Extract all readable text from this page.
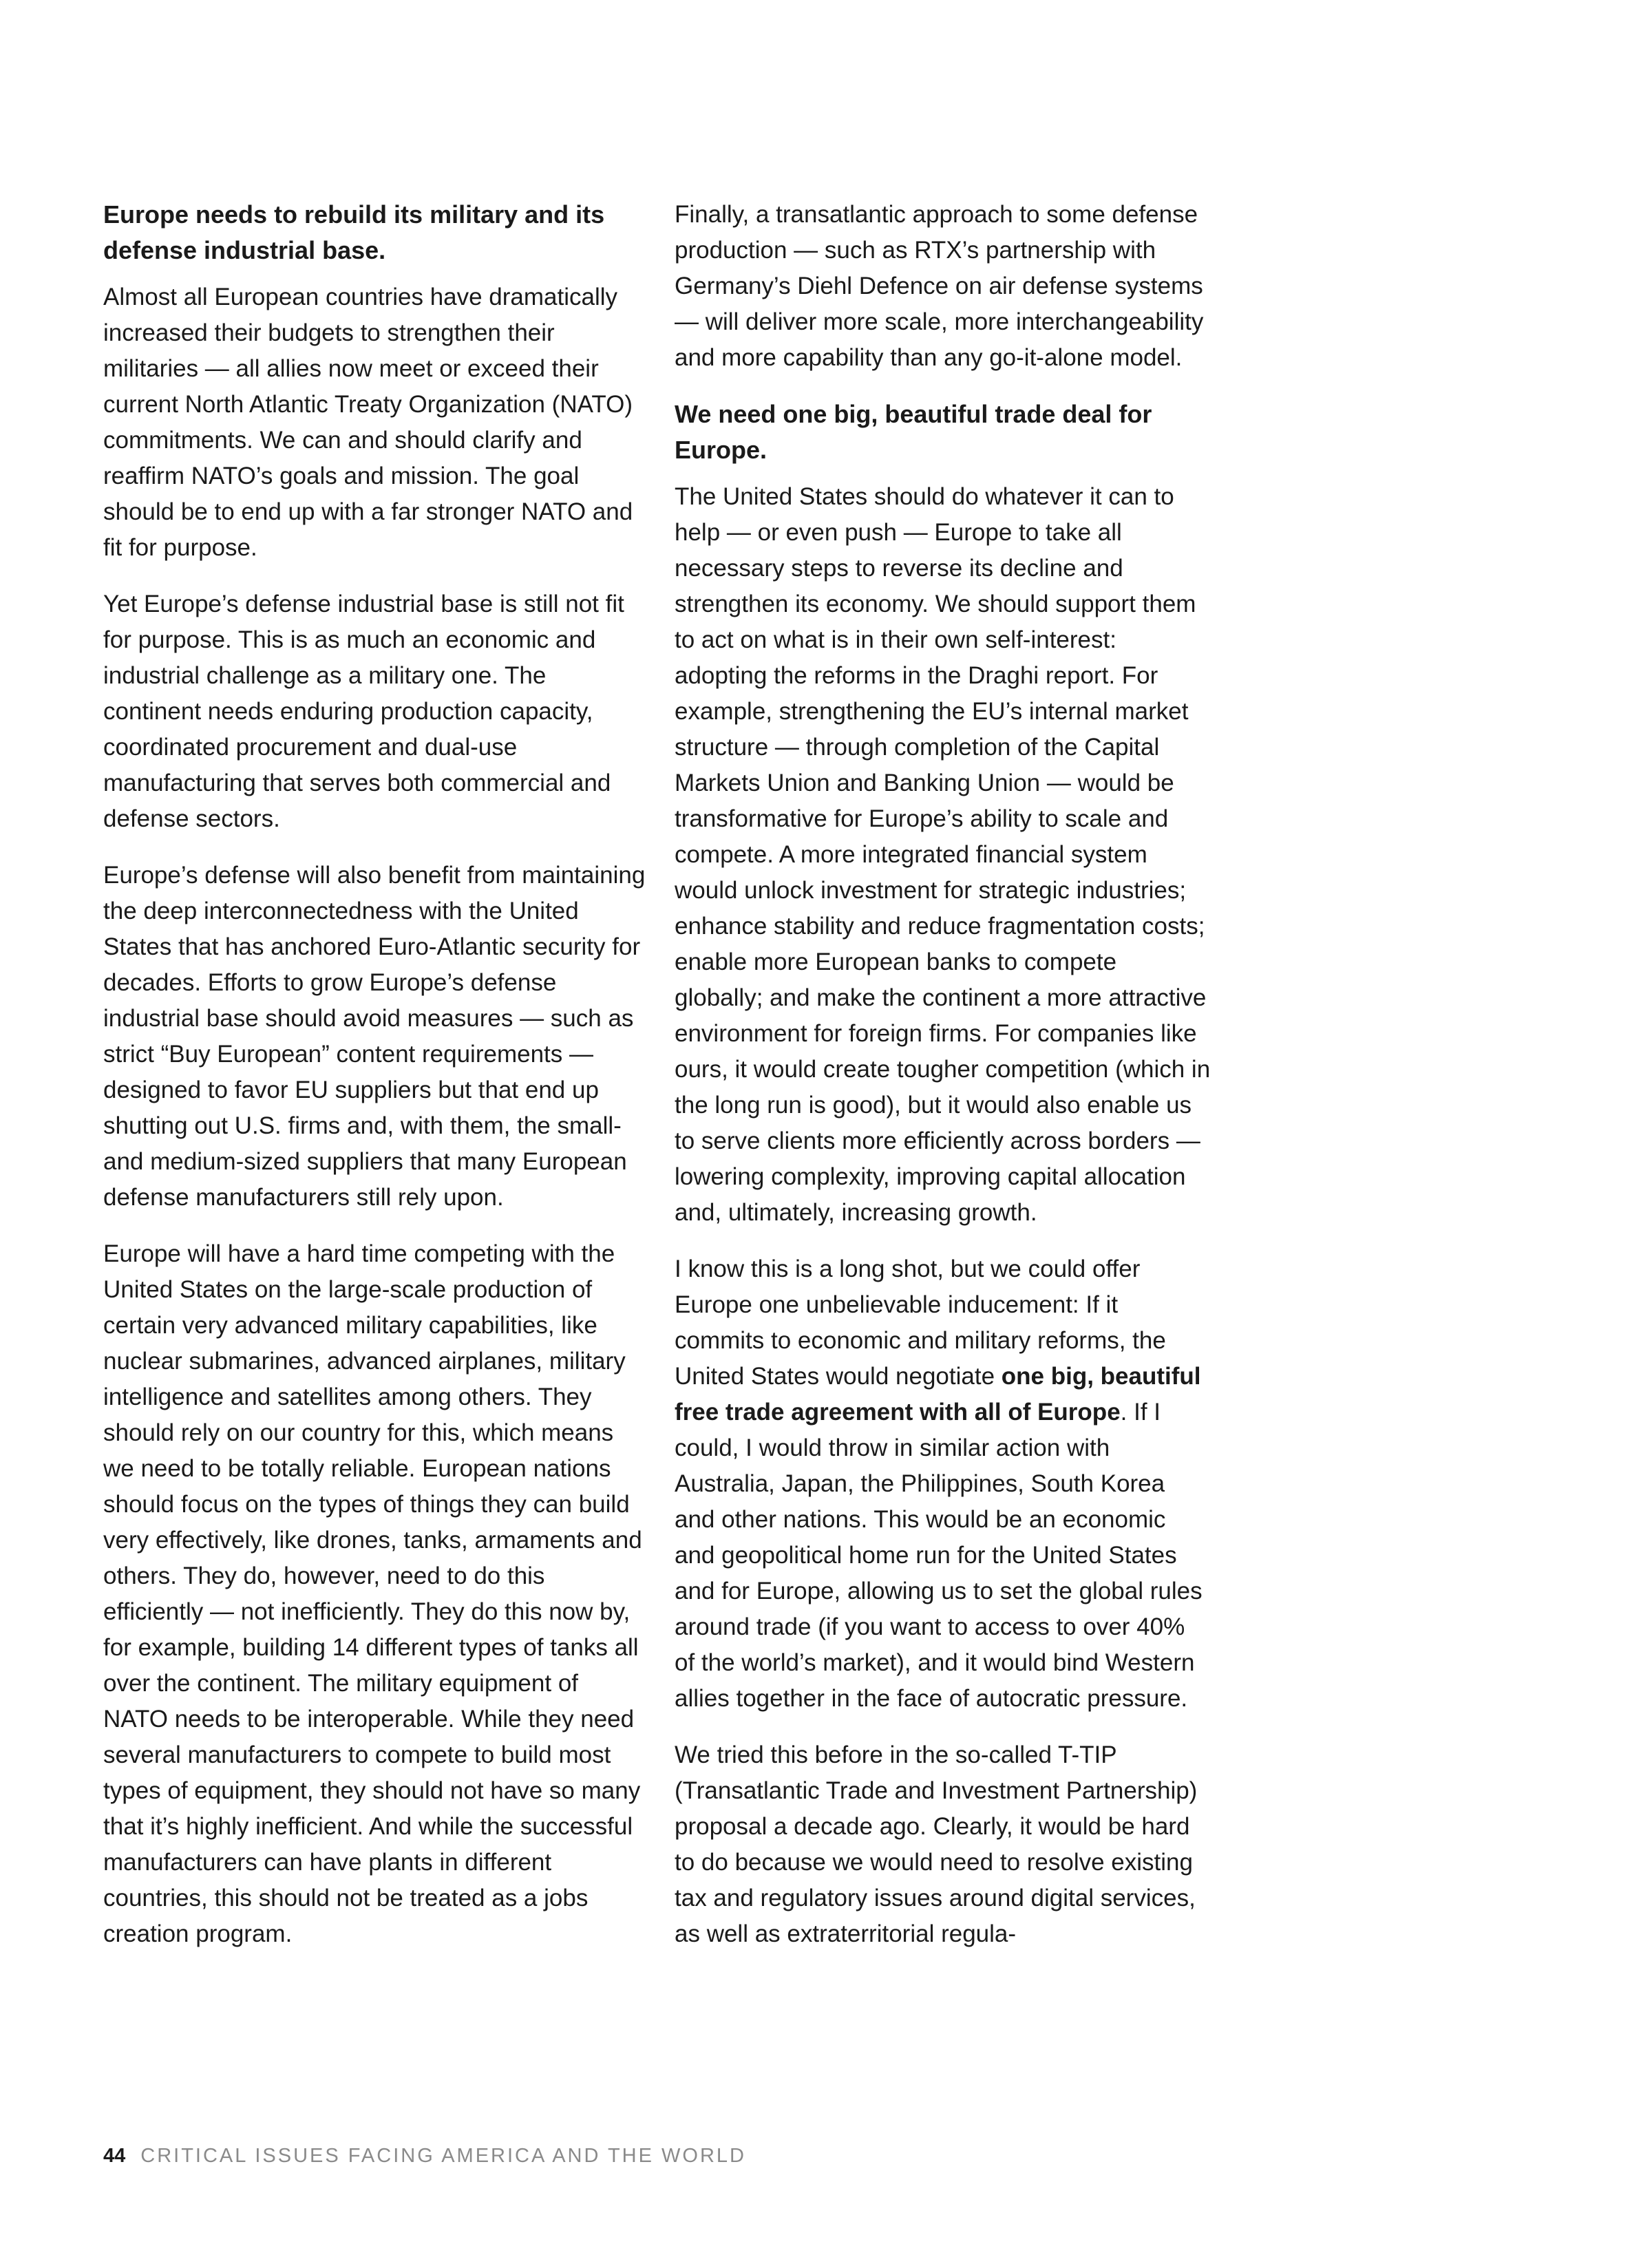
Europe needs to rebuild its military and its defense industrial base.

Almost all European countries have dramatically increased their budgets to strengthen their militaries — all allies now meet or exceed their current North Atlantic Treaty Organization (NATO) commitments. We can and should clarify and reaffirm NATO’s goals and mission. The goal should be to end up with a far stronger NATO and fit for purpose.

Yet Europe’s defense industrial base is still not fit for purpose. This is as much an economic and industrial challenge as a military one. The continent needs enduring production capacity, coordinated procurement and dual-use manufacturing that serves both commercial and defense sectors.

Europe’s defense will also benefit from maintaining the deep interconnectedness with the United States that has anchored Euro-Atlantic security for decades. Efforts to grow Europe’s defense industrial base should avoid measures — such as strict “Buy European” content requirements — designed to favor EU suppliers but that end up shutting out U.S. firms and, with them, the small- and medium-sized suppliers that many European defense manufacturers still rely upon.

Europe will have a hard time competing with the United States on the large-scale production of certain very advanced military capabilities, like nuclear submarines, advanced airplanes, military intelligence and satellites among others. They should rely on our country for this, which means we need to be totally reliable. European nations should focus on the types of things they can build very effectively, like drones, tanks, armaments and others. They do, however, need to do this efficiently — not inefficiently. They do this now by, for example, building 14 different types of tanks all over the continent. The military equipment of NATO needs to be interoperable. While they need several manufacturers to compete to build most types of equipment, they should not have so many that it’s highly inefficient. And while the successful manufacturers can have plants in different countries, this should not be treated as a jobs creation program.

Finally, a transatlantic approach to some defense production — such as RTX’s partnership with Germany’s Diehl Defence on air defense systems — will deliver more scale, more interchangeability and more capability than any go-it-alone model.

We need one big, beautiful trade deal for Europe.

The United States should do whatever it can to help — or even push — Europe to take all necessary steps to reverse its decline and strengthen its economy. We should support them to act on what is in their own self-interest: adopting the reforms in the Draghi report. For example, strengthening the EU’s internal market structure — through completion of the Capital Markets Union and Banking Union — would be transformative for Europe’s ability to scale and compete. A more integrated financial system would unlock investment for strategic industries; enhance stability and reduce fragmentation costs; enable more European banks to compete globally; and make the continent a more attractive environment for foreign firms. For companies like ours, it would create tougher competition (which in the long run is good), but it would also enable us to serve clients more efficiently across borders — lowering complexity, improving capital allocation and, ultimately, increasing growth.

I know this is a long shot, but we could offer Europe one unbelievable inducement: If it commits to economic and military reforms, the United States would negotiate one big, beautiful free trade agreement with all of Europe. If I could, I would throw in similar action with Australia, Japan, the Philippines, South Korea and other nations. This would be an economic and geopolitical home run for the United States and for Europe, allowing us to set the global rules around trade (if you want to access to over 40% of the world’s market), and it would bind Western allies together in the face of autocratic pressure.

We tried this before in the so-called T-TIP (Transatlantic Trade and Investment Partnership) proposal a decade ago. Clearly, it would be hard to do because we would need to resolve existing tax and regulatory issues around digital services, as well as extraterritorial regula-

44 CRITICAL ISSUES FACING AMERICA AND THE WORLD
